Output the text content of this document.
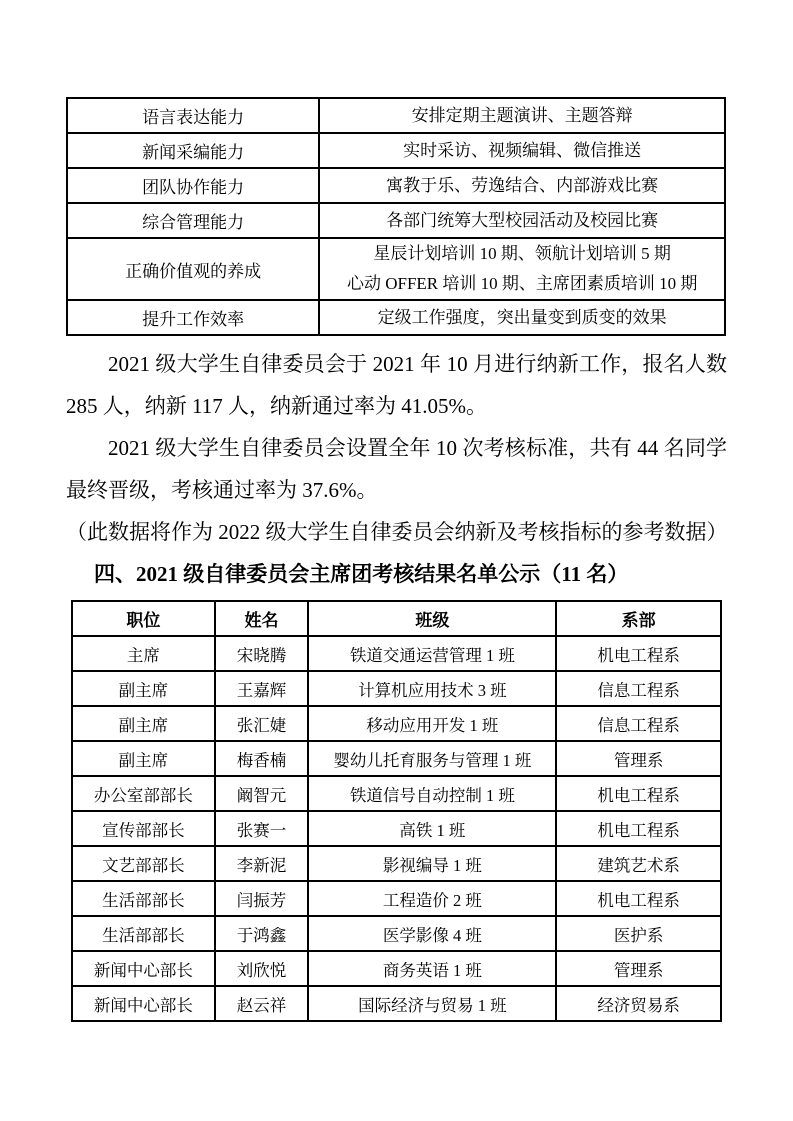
语言表达能力	安排定期主题演讲、主题答辩

新闻采编能力	实时采访、视频编辑、微信推送

团队协作能力	寓教于乐、劳逸结合、内部游戏比赛

综合管理能力	各部门统筹大型校园活动及校园比赛

正确价值观的养成	星辰计划培训 10 期、领航计划培训 5 期
心动 OFFER 培训 10 期、主席团素质培训 10 期

提升工作效率	定级工作强度，突出量变到质变的效果

2021 级大学生自律委员会于 2021 年 10 月进行纳新工作，报名人数 285 人，纳新 117 人，纳新通过率为 41.05%。

2021 级大学生自律委员会设置全年 10 次考核标准，共有 44 名同学最终晋级，考核通过率为 37.6%。

（此数据将作为 2022 级大学生自律委员会纳新及考核指标的参考数据）

四、2021 级自律委员会主席团考核结果名单公示（11 名）
职位	姓名	班级	系部
主席	宋晓腾	铁道交通运营管理 1 班	机电工程系
副主席	王嘉辉	计算机应用技术 3 班	信息工程系
副主席	张汇婕	移动应用开发 1 班	信息工程系
副主席	梅香楠	婴幼儿托育服务与管理 1 班	管理系
办公室部部长	阚智元	铁道信号自动控制 1 班	机电工程系
宣传部部长	张赛一	高铁 1 班	机电工程系
文艺部部长	李新泥	影视编导 1 班	建筑艺术系
生活部部长	闫振芳	工程造价 2 班	机电工程系
生活部部长	于鸿鑫	医学影像 4 班	医护系
新闻中心部长	刘欣悦	商务英语 1 班	管理系
新闻中心部长	赵云祥	国际经济与贸易 1 班	经济贸易系
